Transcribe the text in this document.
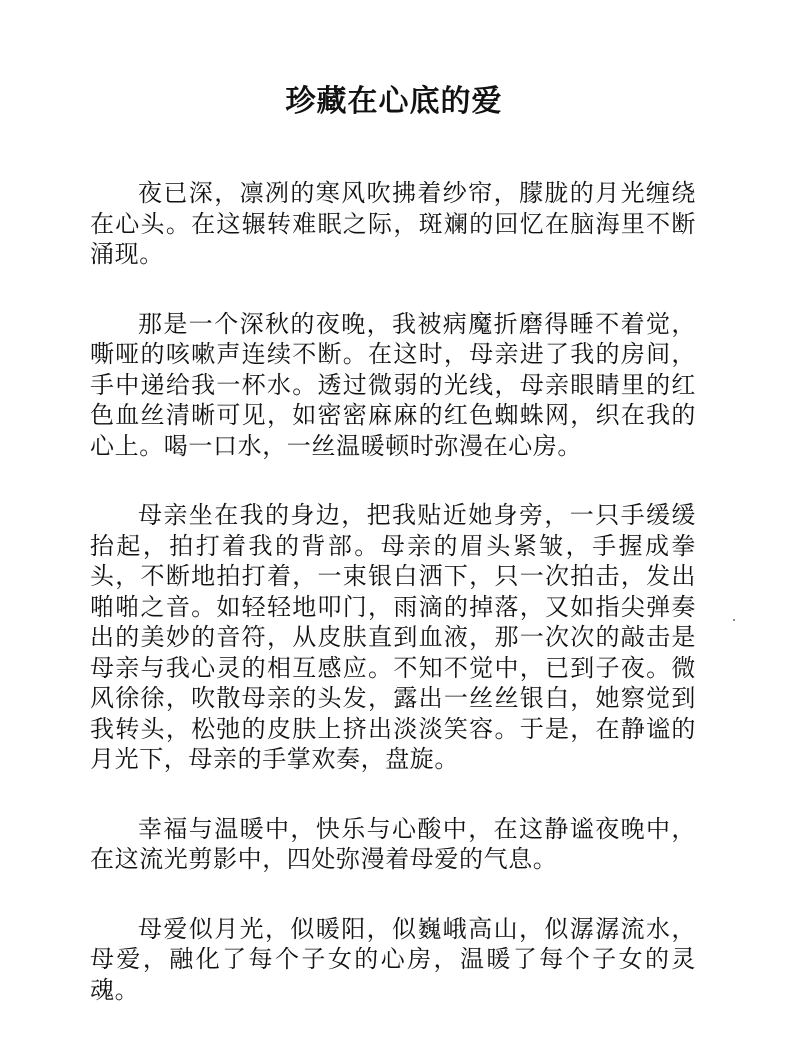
珍藏在心底的爱

夜已深，凛冽的寒风吹拂着纱帘，朦胧的月光缠绕在心头。在这辗转难眠之际，斑斓的回忆在脑海里不断涌现。

那是一个深秋的夜晚，我被病魔折磨得睡不着觉，嘶哑的咳嗽声连续不断。在这时，母亲进了我的房间，手中递给我一杯水。透过微弱的光线，母亲眼睛里的红色血丝清晰可见，如密密麻麻的红色蜘蛛网，织在我的心上。喝一口水，一丝温暖顿时弥漫在心房。

母亲坐在我的身边，把我贴近她身旁，一只手缓缓抬起，拍打着我的背部。母亲的眉头紧皱，手握成拳头，不断地拍打着，一束银白洒下，只一次拍击，发出啪啪之音。如轻轻地叩门，雨滴的掉落，又如指尖弹奏出的美妙的音符，从皮肤直到血液，那一次次的敲击是母亲与我心灵的相互感应。不知不觉中，已到子夜。微风徐徐，吹散母亲的头发，露出一丝丝银白，她察觉到我转头，松弛的皮肤上挤出淡淡笑容。于是，在静谧的月光下，母亲的手掌欢奏，盘旋。

幸福与温暖中，快乐与心酸中，在这静谧夜晚中，在这流光剪影中，四处弥漫着母爱的气息。

母爱似月光，似暖阳，似巍峨高山，似潺潺流水，母爱，融化了每个子女的心房，温暖了每个子女的灵魂。
